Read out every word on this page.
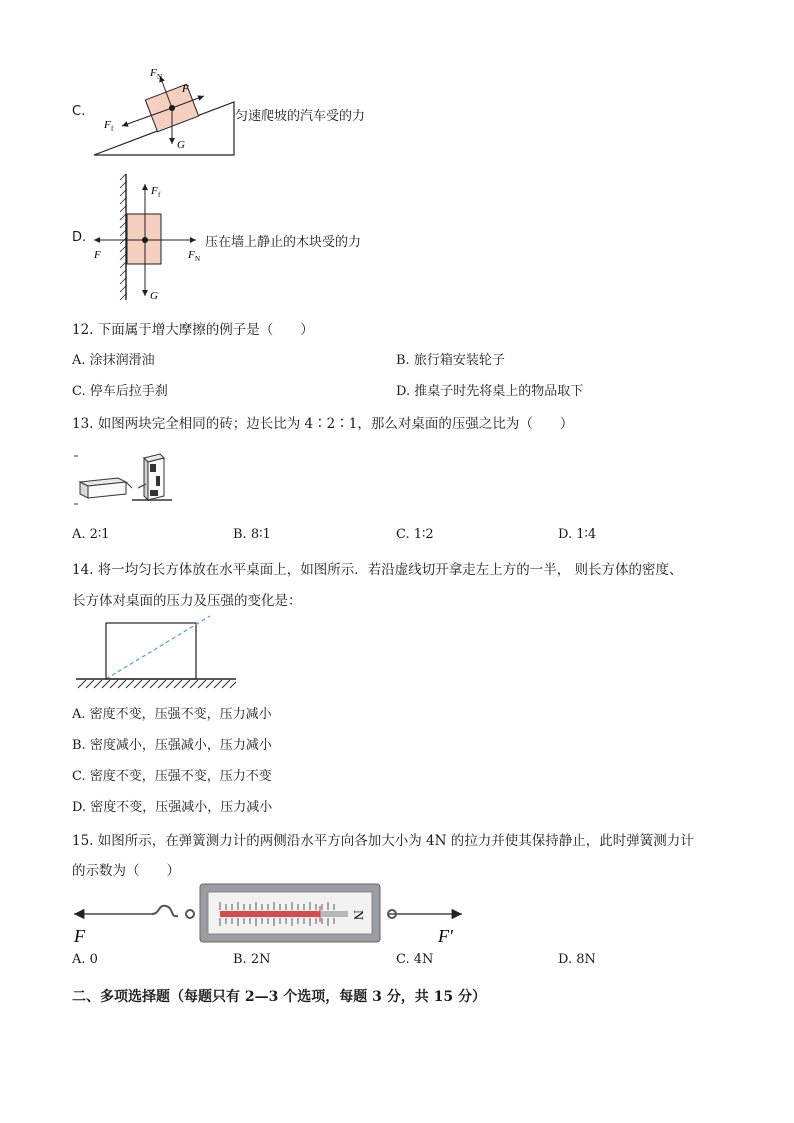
C.
F N
F
F f
G
匀速爬坡的汽车受的力
D.
F f
F	F N
G
压在墙上静止的木块受的力
12. 下面属于增大摩擦的例子是（　　）
A. 涂抹润滑油	B. 旅行箱安装轮子
C. 停车后拉手刹	D. 推桌子时先将桌上的物品取下
13. 如图两块完全相同的砖；边长比为 4∶2∶1，那么对桌面的压强之比为（　　）
A. 2∶1	B. 8∶1	C. 1∶2	D. 1∶4
14. 将一均匀长方体放在水平桌面上，如图所示．若沿虚线切开拿走左上方的一半， 则长方体的密度、
长方体对桌面的压力及压强的变化是：
A. 密度不变，压强不变，压力减小
B. 密度减小，压强减小，压力减小
C. 密度不变，压强不变，压力不变
D. 密度不变，压强减小，压力减小
15. 如图所示，在弹簧测力计的两侧沿水平方向各加大小为 4N 的拉力并使其保持静止，此时弹簧测力计
的示数为（　　）
N
F	F′
A. 0	B. 2N	C. 4N	D. 8N
二、多项选择题（每题只有 2—3 个选项，每题 3 分，共 15 分）
